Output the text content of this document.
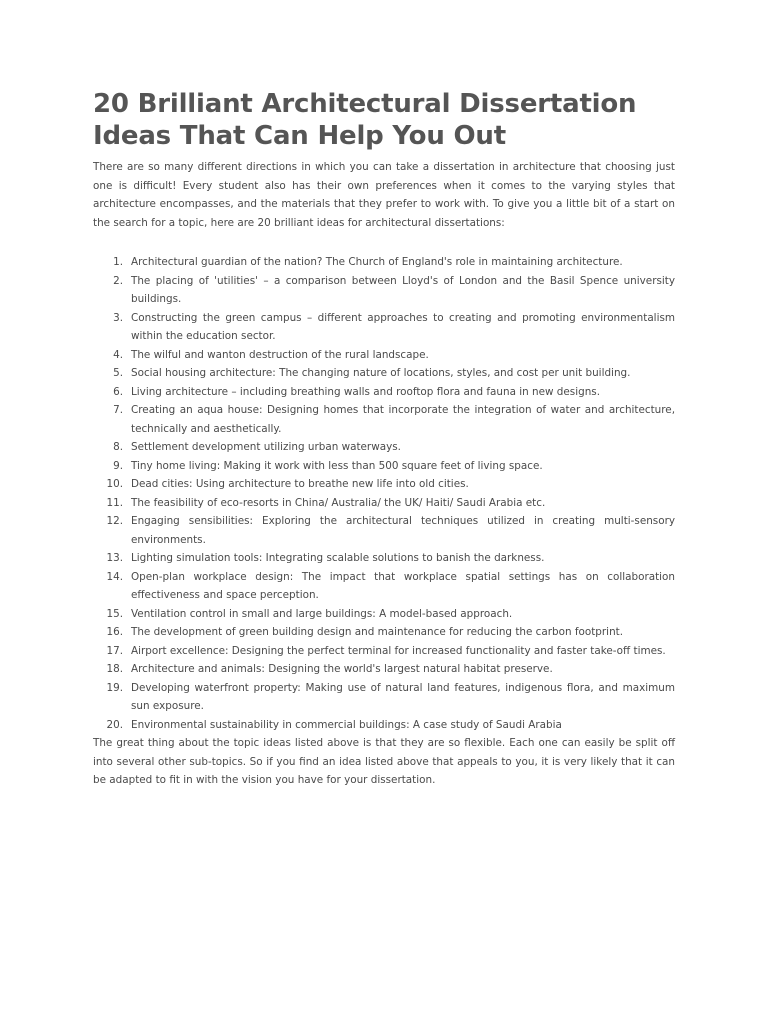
20 Brilliant Architectural Dissertation Ideas That Can Help You Out

There are so many different directions in which you can take a dissertation in architecture that choosing just one is difficult! Every student also has their own preferences when it comes to the varying styles that architecture encompasses, and the materials that they prefer to work with. To give you a little bit of a start on the search for a topic, here are 20 brilliant ideas for architectural dissertations:

1. Architectural guardian of the nation? The Church of England's role in maintaining architecture.
2. The placing of 'utilities' – a comparison between Lloyd's of London and the Basil Spence university buildings.
3. Constructing the green campus – different approaches to creating and promoting environmentalism within the education sector.
4. The wilful and wanton destruction of the rural landscape.
5. Social housing architecture: The changing nature of locations, styles, and cost per unit building.
6. Living architecture – including breathing walls and rooftop flora and fauna in new designs.
7. Creating an aqua house: Designing homes that incorporate the integration of water and architecture, technically and aesthetically.
8. Settlement development utilizing urban waterways.
9. Tiny home living: Making it work with less than 500 square feet of living space.
10. Dead cities: Using architecture to breathe new life into old cities.
11. The feasibility of eco-resorts in China/ Australia/ the UK/ Haiti/ Saudi Arabia etc.
12. Engaging sensibilities: Exploring the architectural techniques utilized in creating multi-sensory environments.
13. Lighting simulation tools: Integrating scalable solutions to banish the darkness.
14. Open-plan workplace design: The impact that workplace spatial settings has on collaboration effectiveness and space perception.
15. Ventilation control in small and large buildings: A model-based approach.
16. The development of green building design and maintenance for reducing the carbon footprint.
17. Airport excellence: Designing the perfect terminal for increased functionality and faster take-off times.
18. Architecture and animals: Designing the world's largest natural habitat preserve.
19. Developing waterfront property: Making use of natural land features, indigenous flora, and maximum sun exposure.
20. Environmental sustainability in commercial buildings: A case study of Saudi Arabia

The great thing about the topic ideas listed above is that they are so flexible. Each one can easily be split off into several other sub-topics. So if you find an idea listed above that appeals to you, it is very likely that it can be adapted to fit in with the vision you have for your dissertation.
